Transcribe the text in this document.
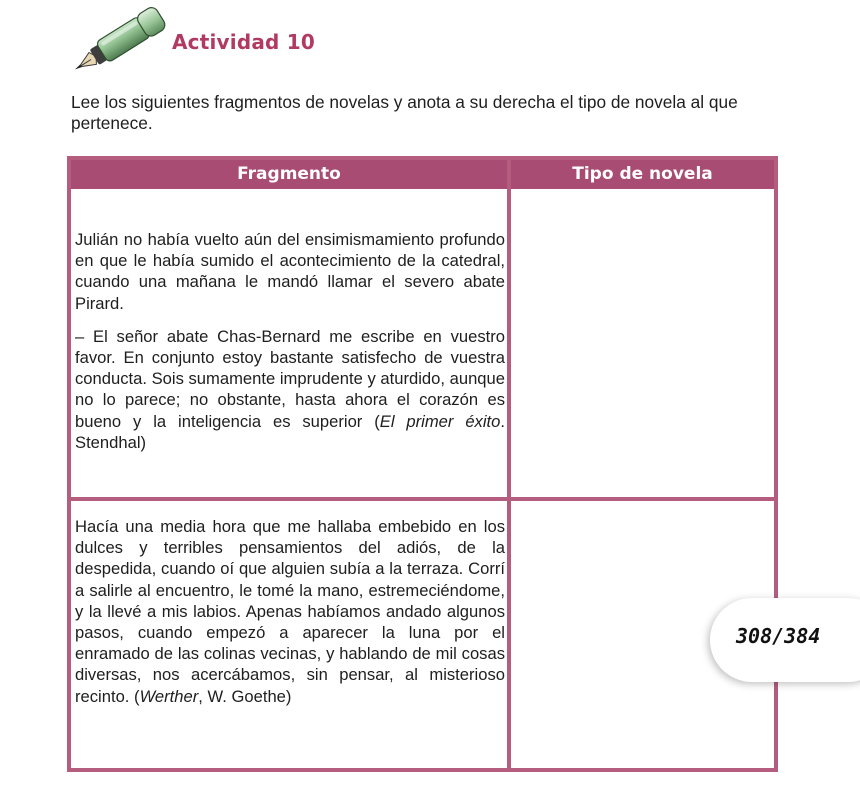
Actividad 10
Lee los siguientes fragmentos de novelas y anota a su derecha el tipo de novela al que pertenece.
Fragmento	Tipo de novela

Julián no había vuelto aún del ensimismamiento profundo en que le había sumido el acontecimiento de la catedral, cuando una mañana le mandó llamar el severo abate Pirard.

– El señor abate Chas-Bernard me escribe en vuestro favor. En conjunto estoy bastante satisfecho de vuestra conducta. Sois sumamente imprudente y aturdido, aunque no lo parece; no obstante, hasta ahora el corazón es bueno y la inteligencia es superior (El primer éxito. Stendhal)

Hacía una media hora que me hallaba embebido en los dulces y terribles pensamientos del adiós, de la despedida, cuando oí que alguien subía a la terraza. Corrí a salirle al encuentro, le tomé la mano, estremeciéndome, y la llevé a mis labios. Apenas habíamos andado algunos pasos, cuando empezó a aparecer la luna por el enramado de las colinas vecinas, y hablando de mil cosas diversas, nos acercábamos, sin pensar, al misterioso recinto. (Werther, W. Goethe)

308/384
